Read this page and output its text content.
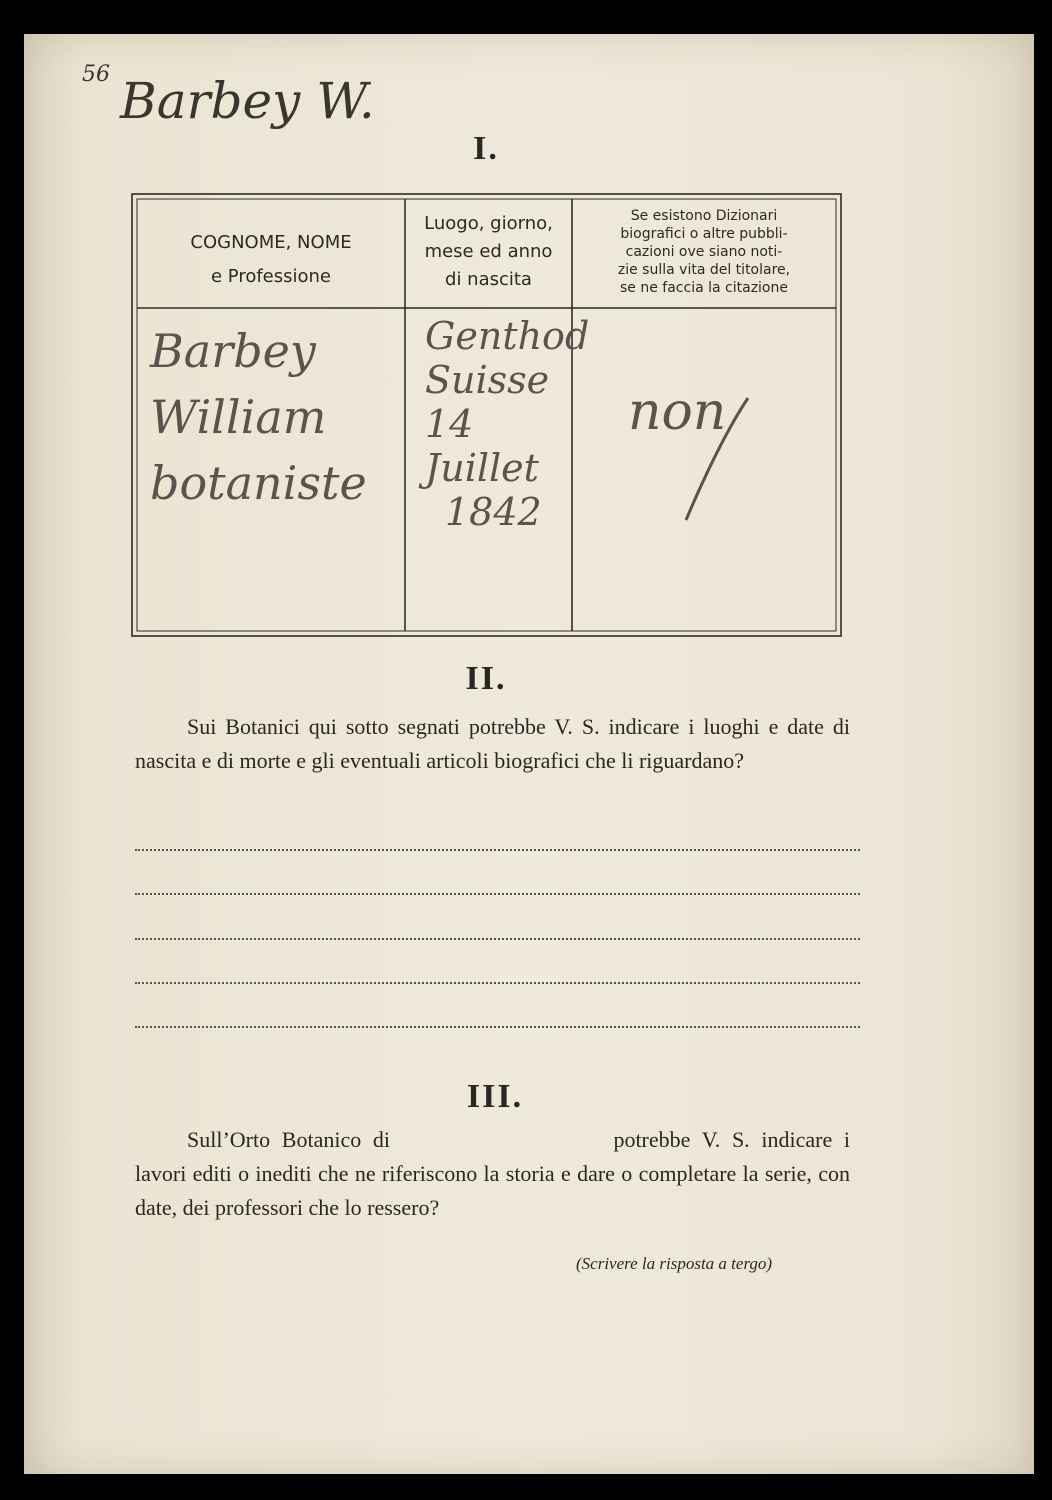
56 Barbey W.
I.
COGNOME, NOME
e Professione
Luogo, giorno,
mese ed anno
di nascita
Se esistono Dizionari
biografici o altre pubbli-
cazioni ove siano noti-
zie sulla vita del titolare,
se ne faccia la citazione
Barbey
William
botaniste
Genthod
Suisse
14
Juillet
1842
non
II.
Sui Botanici qui sotto segnati potrebbe V. S. indicare i luoghi e date di nascita e di morte e gli eventuali articoli biografici che li riguardano?
III.
Sull’Orto Botanico di	potrebbe V. S. indicare i lavori editi o inediti che ne riferiscono la storia e dare o completare la serie, con date, dei professori che lo ressero?
(Scrivere la risposta a tergo)
